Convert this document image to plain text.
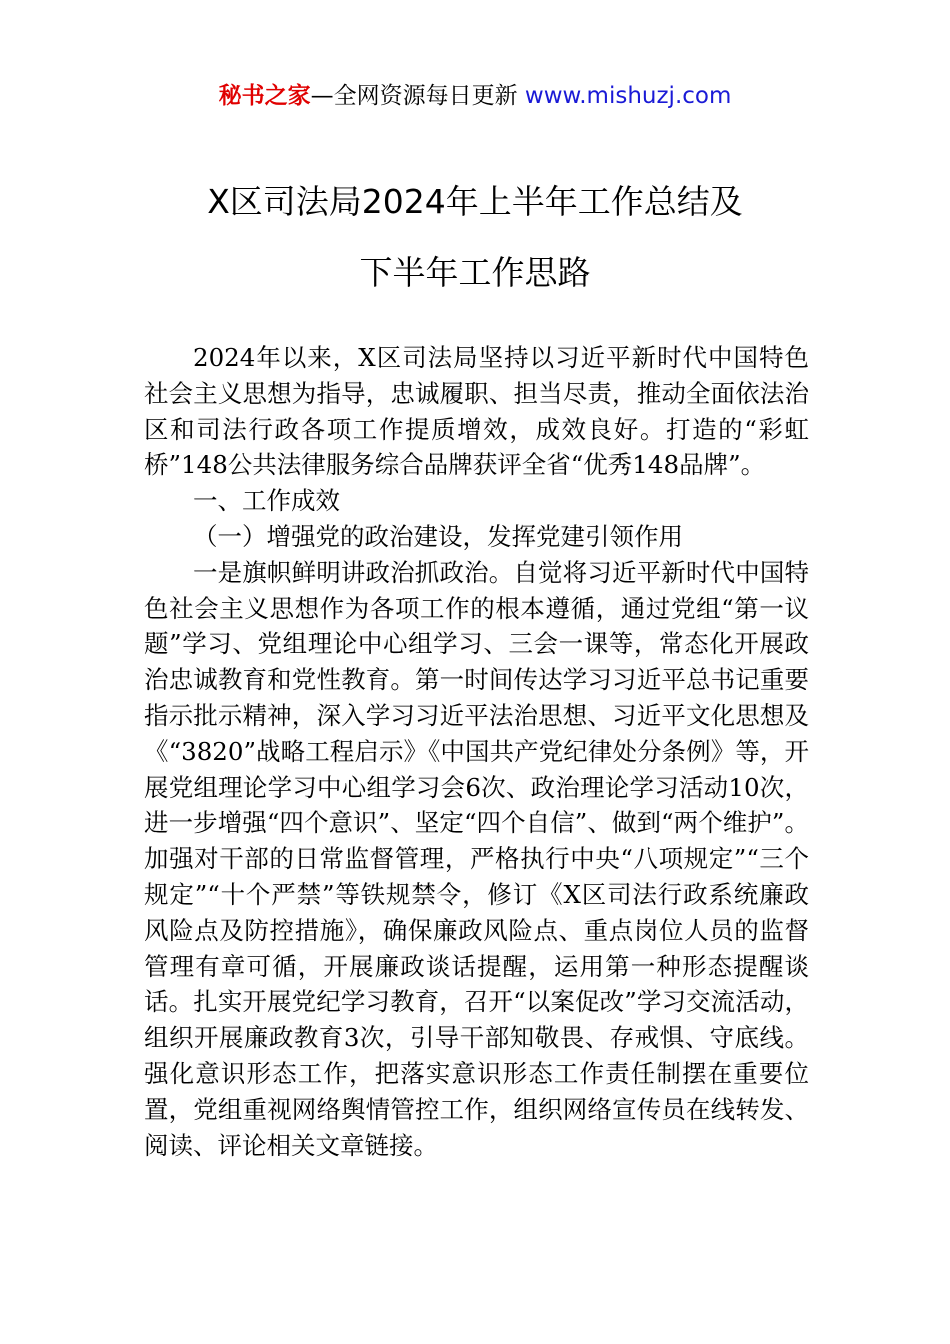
秘书之家—全网资源每日更新 www.mishuzj.com
X区司法局2024年上半年工作总结及
下半年工作思路

2024年以来，X区司法局坚持以习近平新时代中国特色社会主义思想为指导，忠诚履职、担当尽责，推动全面依法治区和司法行政各项工作提质增效，成效良好。打造的“彩虹桥”148公共法律服务综合品牌获评全省“优秀148品牌”。

一、工作成效

（一）增强党的政治建设，发挥党建引领作用

一是旗帜鲜明讲政治抓政治。自觉将习近平新时代中国特色社会主义思想作为各项工作的根本遵循，通过党组“第一议题”学习、党组理论中心组学习、三会一课等，常态化开展政治忠诚教育和党性教育。第一时间传达学习习近平总书记重要指示批示精神，深入学习习近平法治思想、习近平文化思想及《“3820”战略工程启示》《中国共产党纪律处分条例》等，开展党组理论学习中心组学习会6次、政治理论学习活动10次，进一步增强“四个意识”、坚定“四个自信”、做到“两个维护”。加强对干部的日常监督管理，严格执行中央“八项规定”“三个规定”“十个严禁”等铁规禁令，修订《X区司法行政系统廉政风险点及防控措施》，确保廉政风险点、重点岗位人员的监督管理有章可循，开展廉政谈话提醒，运用第一种形态提醒谈话。扎实开展党纪学习教育，召开“以案促改”学习交流活动，组织开展廉政教育3次，引导干部知敬畏、存戒惧、守底线。强化意识形态工作，把落实意识形态工作责任制摆在重要位置，党组重视网络舆情管控工作，组织网络宣传员在线转发、阅读、评论相关文章链接。
